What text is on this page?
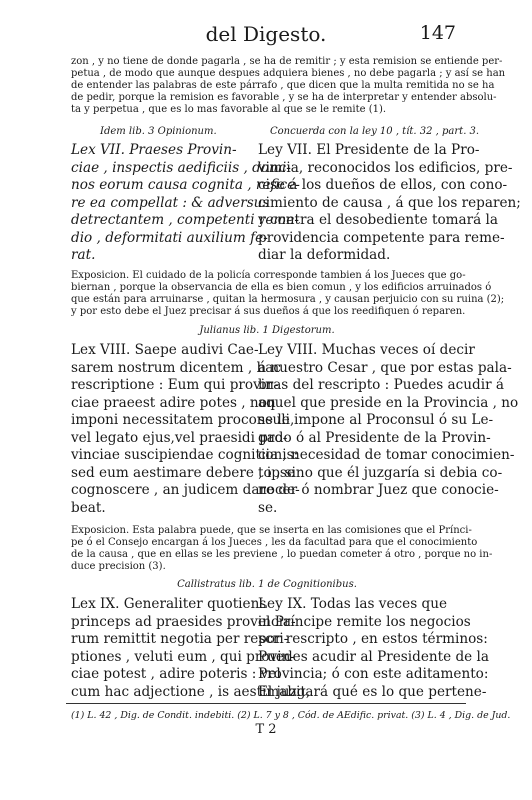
del Digesto.	147
zon , y no tiene de donde pagarla , se ha de remitir ; y esta remision se entiende per-
petua , de modo que aunque despues adquiera bienes , no debe pagarla ; y así se han
de entender las palabras de este párrafo , que dicen que la multa remitida no se ha
de pedir, porque la remision es favorable , y se ha de interpretar y entender absolu-
ta y perpetua , que es lo mas favorable al que se le remite (1).
Idem lib. 3 Opinionum.	Concuerda con la ley 10 , tít. 32 , part. 3.
Lex VII. Praeses Provin-
ciae , inspectis aedificiis , domi-
nos eorum causa cognita , refice-
re ea compellat : & adversus
detrectantem , competenti reme-
dio , deformitati auxilium fe-
rat.
Ley VII. El Presidente de la Pro-
vincia, reconocidos los edificios, pre-
cise á los dueños de ellos, con cono-
cimiento de causa , á que los reparen;
y contra el desobediente tomará la
providencia competente para reme-
diar la deformidad.
Exposicion. El cuidado de la policía corresponde tambien á los Jueces que go-
biernan , porque la observancia de ella es bien comun , y los edificios arruinados ó
que están para arruinarse , quitan la hermosura , y causan perjuicio con su ruina (2);
y por esto debe el Juez precisar á sus dueños á que los reedifiquen ó reparen.
Julianus lib. 1 Digestorum.
Lex VIII. Saepe audivi Cae-
sarem nostrum dicentem , hac
rescriptione : Eum qui provin-
ciae praeest adire potes , non
imponi necessitatem proconsuli,
vel legato ejus,vel praesidi pro-
vinciae suscipiendae cognitionis:
sed eum aestimare debere , ipse
cognoscere , an judicem dare de-
beat.
Ley VIII. Muchas veces oí decir
á nuestro Cesar , que por estas pala-
bras del rescripto : Puedes acudir á
aquel que preside en la Provincia , no
se le impone al Proconsul ó su Le-
gado ó al Presidente de la Provin-
cia , necesidad de tomar conocimien-
to , sino que él juzgaría si debia co-
nocer ó nombrar Juez que conocie-
se.
Exposicion. Esta palabra puede, que se inserta en las comisiones que el Prínci-
pe ó el Consejo encargan á los Jueces , les da facultad para que el conocimiento
de la causa , que en ellas se les previene , lo puedan cometer á otro , porque no in-
duce precision (3).
Callistratus lib. 1 de Cognitionibus.
Lex IX. Generaliter quotiens
princeps ad praesides provincia-
rum remittit negotia per rescri-
ptiones , veluti eum , qui provin-
ciae potest , adire poteris : vel
cum hac adjectione , is aestimabit,
Ley IX. Todas las veces que
el Príncipe remite los negocios
por rescripto , en estos términos:
Puedes acudir al Presidente de la
Provincia; ó con este aditamento:
El juzgará qué es lo que pertene-
(1) L. 42 , Dig. de Condit. indebiti. (2) L. 7 y 8 , Cód. de AEdific. privat. (3) L. 4 , Dig. de Jud.
T 2
